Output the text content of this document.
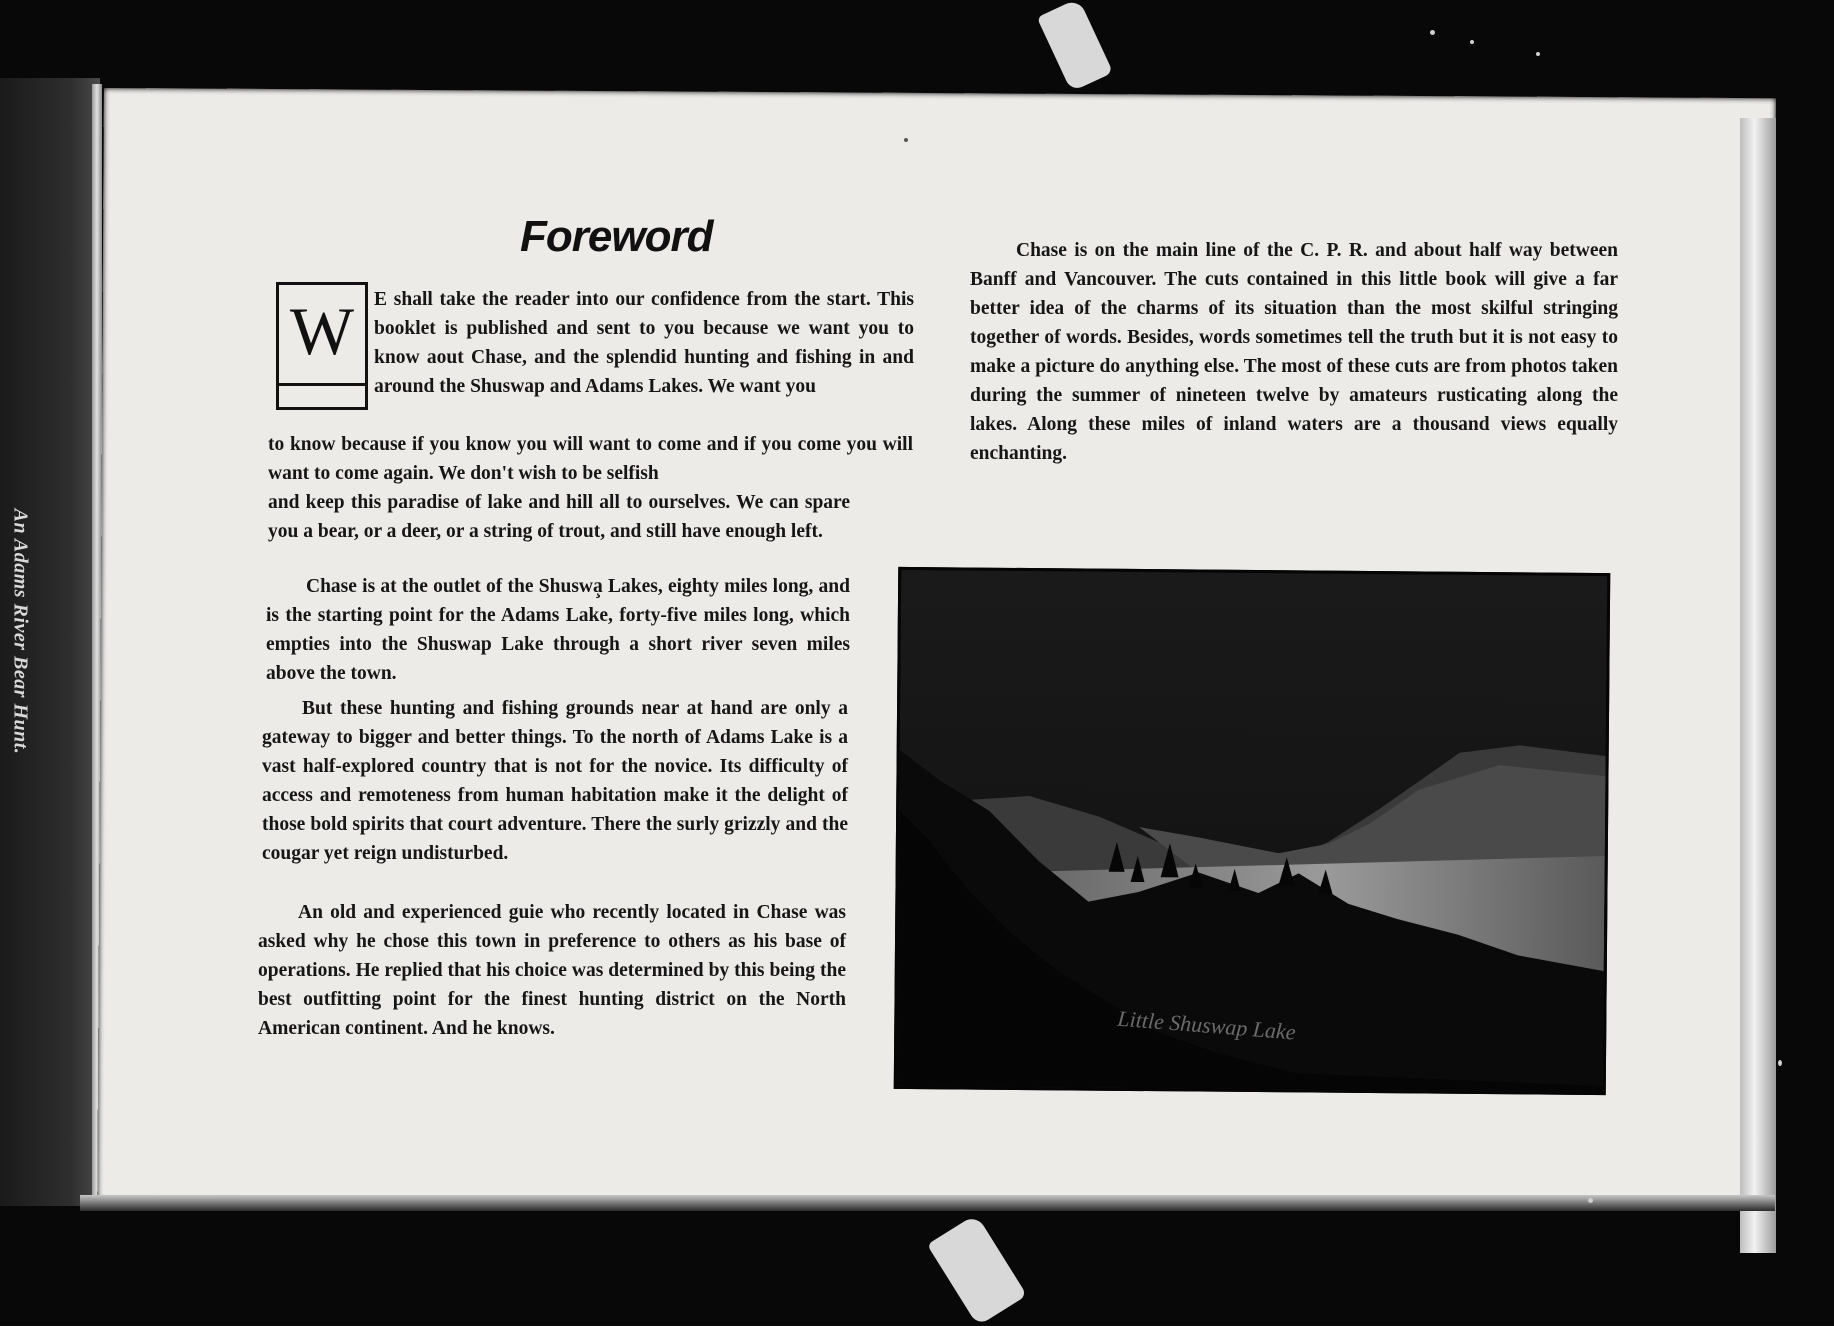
An Adams River Bear Hunt.
Foreword
W	E shall take the reader into our confidence from the start. This booklet is published and sent to you because we want you to know a⁠out Chase, and the splendid hunting and fishing in and around the Shuswap and Adams Lakes. We want you
to know because if you know you will want to come and if you come you will want to come again. We don't wish to be selfish
and keep this paradise of lake and hill all to ourselves. We can spare you a bear, or a deer, or a string of trout, and still have enough left.
Chase is at the outlet of the Shuswa̧ Lakes, eighty miles long, and is the starting point for the Adams Lake, forty-five miles long, which empties into the Shuswap Lake through a short river seven miles above the town.
But these hunting and fishing grounds near at hand are only a gateway to bigger and better things. To the north of Adams Lake is a vast half-explored country that is not for the novice. Its difficulty of access and remoteness from human habitation make it the delight of those bold spirits that court adventure. There the surly grizzly and the cougar yet reign undisturbed.
An old and experienced gui⁠e who recently located in Chase was asked why he chose this town in preference to others as his base of operations. He replied that his choice was determined by this being the best outfitting point for the finest hunting district on the North American continent. And he knows.
Chase is on the main line of the C. P. R. and about half way between Banff and Vancouver. The cuts contained in this little book will give a far better idea of the charms of its situation than the most skilful stringing together of words. Besides, words sometimes tell the truth but it is not easy to make a picture do anything else. The most of these cuts are from photos taken during the summer of nineteen twelve by amateurs rusticating along the lakes. Along these miles of inland waters are a thousand views equally enchanting.
Little Shuswap Lake
